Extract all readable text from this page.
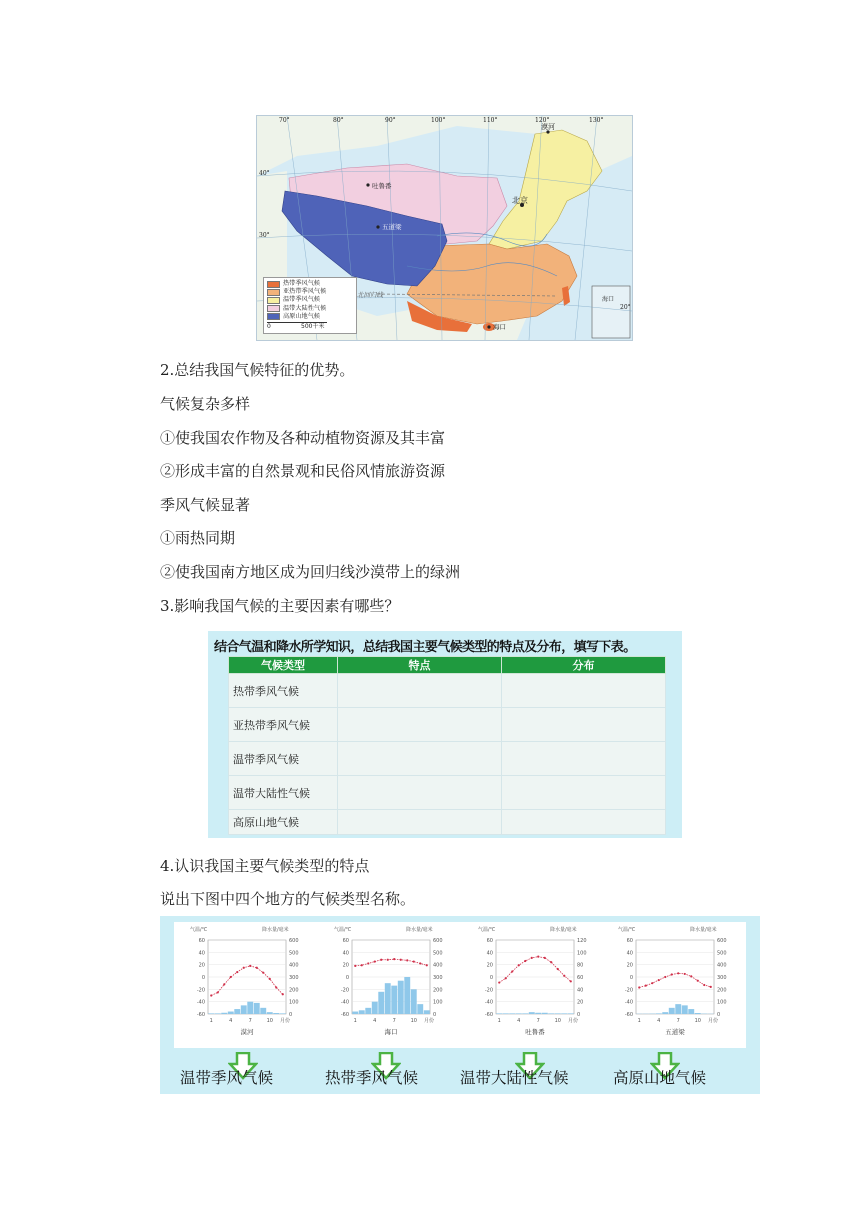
漠河
北京
吐鲁番
五道梁
海口
海口
北回归线
70°	80°	90°	100°	110°	120°	130°
40°
30°
20°
热带季风气候
亚热带季风气候
温带季风气候
温带大陆性气候
高原山地气候
0	500千米
2.总结我国气候特征的优势。
气候复杂多样
①使我国农作物及各种动植物资源及其丰富
②形成丰富的自然景观和民俗风情旅游资源
季风气候显著
①雨热同期
②使我国南方地区成为回归线沙漠带上的绿洲
3.影响我国气候的主要因素有哪些？
结合气温和降水所学知识，总结我国主要气候类型的特点及分布，填写下表。
气候类型	特点	分布
热带季风气候		
亚热带季风气候		
温带季风气候		
温带大陆性气候		
高原山地气候		
4.认识我国主要气候类型的特点
说出下图中四个地方的气候类型名称。
气温/℃	降水量/毫米
-60	0
-40	100
-20	200
0	300
20	400
40	500
60	600
1	4	7	10 月份
漠河
气温/℃	降水量/毫米
-60	0
-40	100
-20	200
0	300
20	400
40	500
60	600
1	4	7	10 月份
海口
气温/℃	降水量/毫米
-60	0
-40	20
-20	40
0	60
20	80
40	100
60	120
1	4	7	10 月份
吐鲁番
气温/℃	降水量/毫米
-60	0
-40	100
-20	200
0	300
20	400
40	500
60	600
1	4	7	10 月份
五道梁
温带季风气候	热带季风气候	温带大陆性气候	高原山地气候
